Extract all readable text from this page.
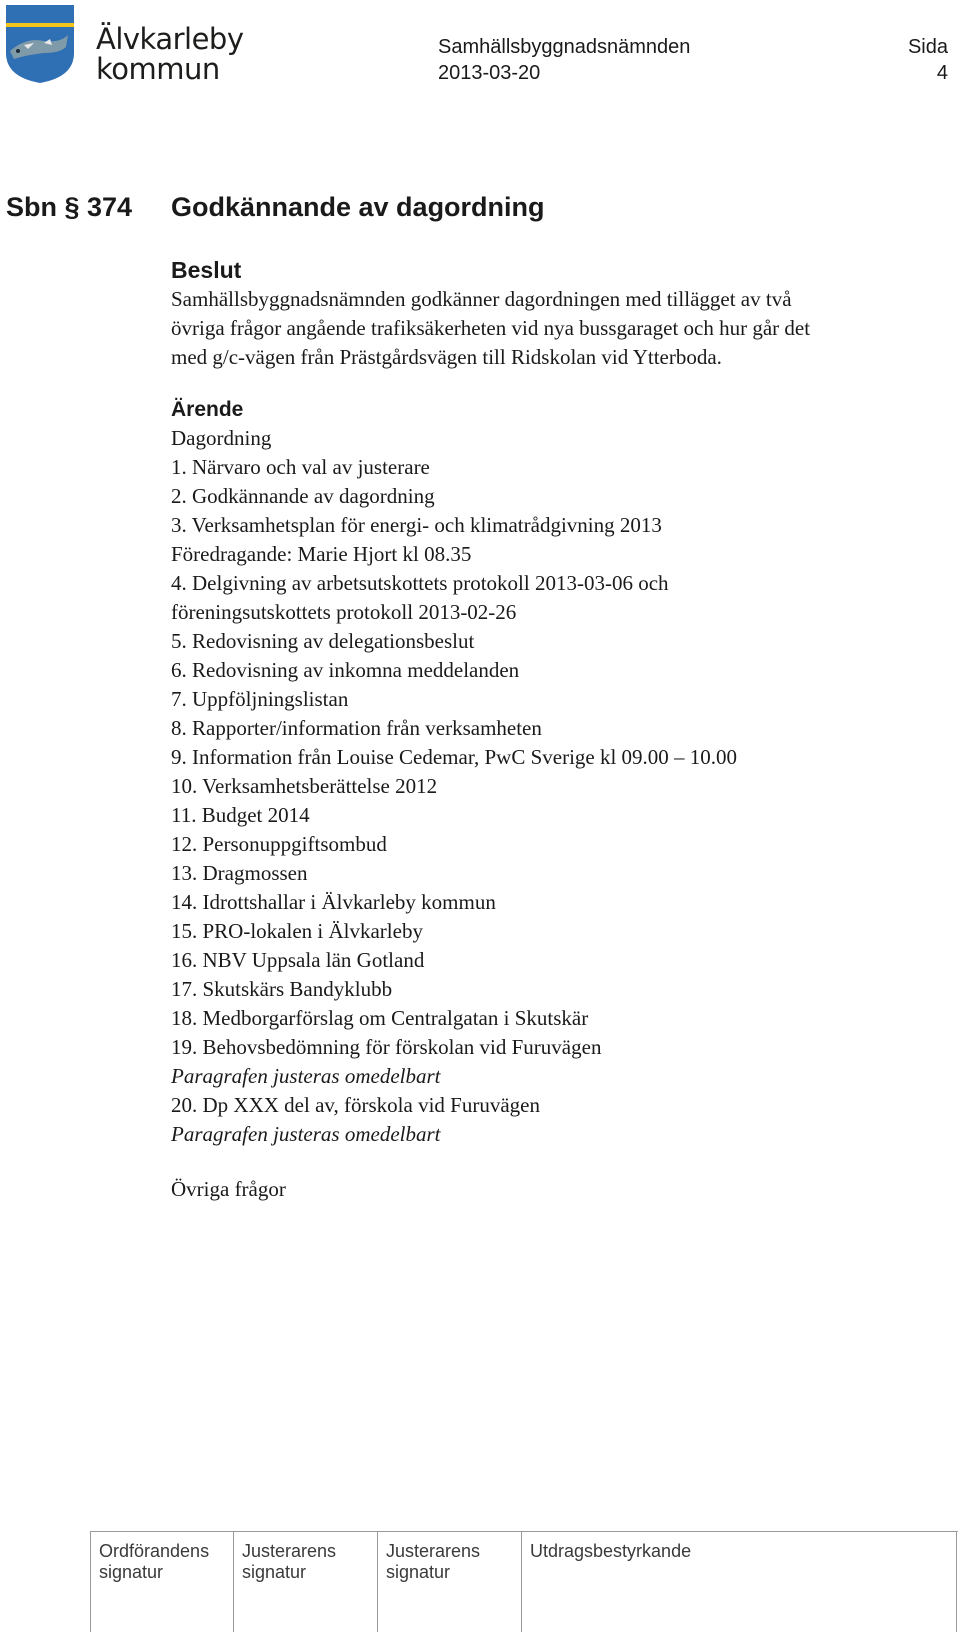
Älvkarleby
kommun
Samhällsbyggnadsnämnden
2013-03-20
Sida
4
Sbn § 374 Godkännande av dagordning
Beslut
Samhällsbyggnadsnämnden godkänner dagordningen med tillägget av två
övriga frågor angående trafiksäkerheten vid nya bussgaraget och hur går det
med g/c-vägen från Prästgårdsvägen till Ridskolan vid Ytterboda.
Ärende
Dagordning
1. Närvaro och val av justerare
2. Godkännande av dagordning
3. Verksamhetsplan för energi- och klimatrådgivning 2013
Föredragande: Marie Hjort kl 08.35
4. Delgivning av arbetsutskottets protokoll 2013-03-06 och
föreningsutskottets protokoll 2013-02-26
5. Redovisning av delegationsbeslut
6. Redovisning av inkomna meddelanden
7. Uppföljningslistan
8. Rapporter/information från verksamheten
9. Information från Louise Cedemar, PwC Sverige kl 09.00 – 10.00
10. Verksamhetsberättelse 2012
11. Budget 2014
12. Personuppgiftsombud
13. Dragmossen
14. Idrottshallar i Älvkarleby kommun
15. PRO-lokalen i Älvkarleby
16. NBV Uppsala län Gotland
17. Skutskärs Bandyklubb
18. Medborgarförslag om Centralgatan i Skutskär
19. Behovsbedömning för förskolan vid Furuvägen
Paragrafen justeras omedelbart
20. Dp XXX del av, förskola vid Furuvägen
Paragrafen justeras omedelbart
Övriga frågor
Ordförandens
signatur
Justerarens
signatur
Justerarens
signatur
Utdragsbestyrkande
